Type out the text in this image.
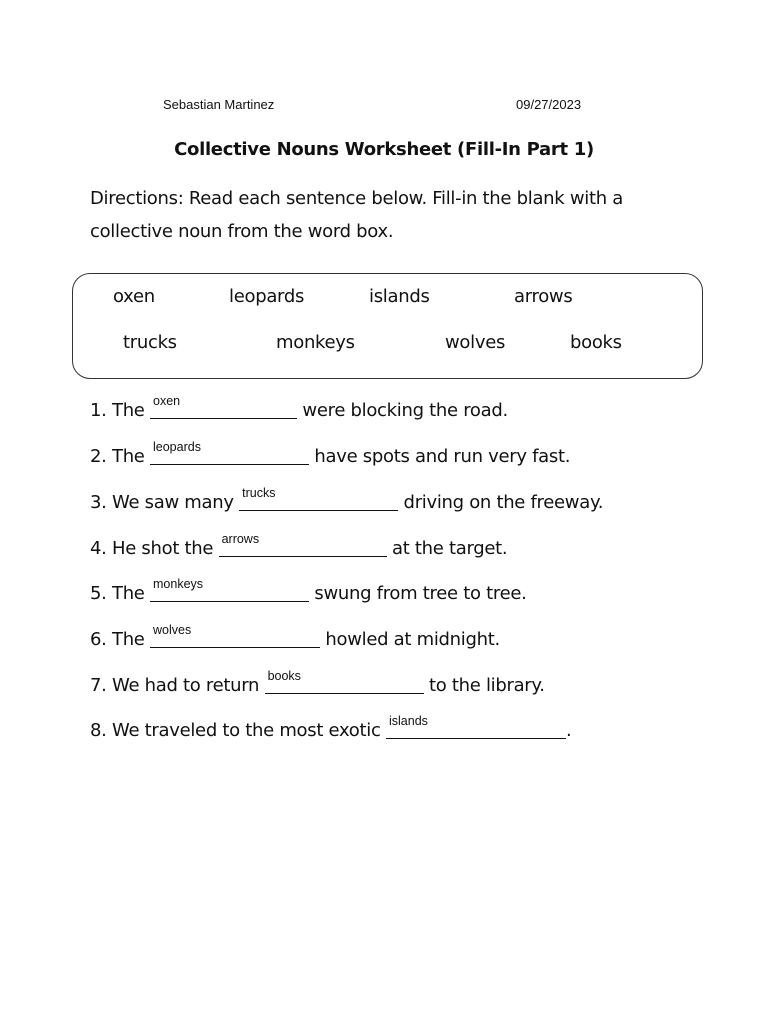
Sebastian Martinez	09/27/2023
Collective Nouns Worksheet (Fill-In Part 1)
Directions: Read each sentence below. Fill-in the blank with a
collective noun from the word box.
oxen	leopards	islands	arrows
trucks	monkeys	wolves	books
1. The oxen	were blocking the road.
2. The leopards	have spots and run very fast.
3. We saw many trucks	driving on the freeway.
4. He shot the arrows	at the target.
5. The monkeys	swung from tree to tree.
6. The wolves	howled at midnight.
7. We had to return books	to the library.
8. We traveled to the most exotic islands	.
